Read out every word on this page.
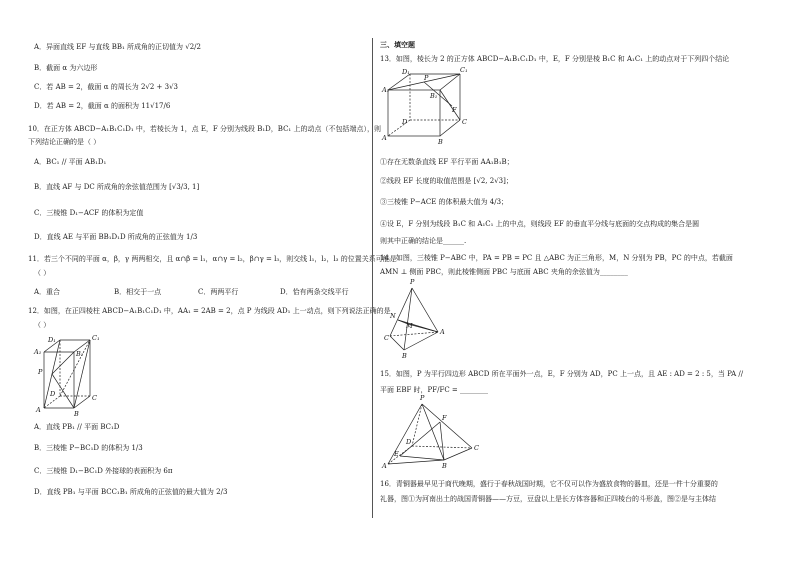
A．异面直线 EF 与直线 BB₁ 所成角的正切值为 √2/2
B．截面 α 为六边形
C．若 AB = 2，截面 α 的周长为 2√2 + 3√3
D．若 AB = 2，截面 α 的面积为 11√17/6
10．在正方体 ABCD−A₁B₁C₁D₁ 中，若棱长为 1，点 E，F 分别为线段 B₁D，BC₁ 上的动点（不包括端点），则
下列结论正确的是（ ）
A．BC₁ // 平面 AB₁D₁
B．直线 AF 与 DC 所成角的余弦值范围为 [√3/3, 1]
C．三棱锥 D₁−ACF 的体积为定值
D．直线 AE 与平面 BB₁D₁D 所成角的正弦值为 1/3
11．若三个不同的平面 α，β，γ 两两相交，且 α∩β = l₁，α∩γ = l₂，β∩γ = l₃，则交线 l₁，l₂，l₃ 的位置关系可能是
（ ）
A．重合	B．相交于一点	C．两两平行	D．恰有两条交线平行
12．如图，在正四棱柱 ABCD−A₁B₁C₁D₁ 中，AA₁ = 2AB = 2，点 P 为线段 AD₁ 上一动点，则下列说法正确的是
（ ）
C₁
D₁
A₁	B₁
P
D	C
A	B
A．直线 PB₁ // 平面 BC₁D
B．三棱锥 P−BC₁D 的体积为 1/3
C．三棱锥 D₁−BC₁D 外接球的表面积为 6π
D．直线 PB₁ 与平面 BCC₁B₁ 所成角的正弦值的最大值为 2/3
三、填空题
13．如图，棱长为 2 的正方体 ABCD−A₁B₁C₁D₁ 中，E，F 分别是棱 B₁C 和 A₁C₁ 上的动点对于下列四个结论
D₁	C₁
A₁
P
B₁
F
D	C
A	B
①存在无数条直线 EF 平行平面 AA₁B₁B；
②线段 EF 长度的取值范围是 [√2, 2√3]；
③三棱锥 P−ACE 的体积最大值为 4/3；
④设 E，F 分别为线段 B₁C 和 A₁C₁ 上的中点，则线段 EF 的垂直平分线与底面的交点构成的集合是圆
则其中正确的结论是______.
14．如图，三棱锥 P−ABC 中，PA = PB = PC 且 △ABC 为正三角形，M，N 分别为 PB，PC 的中点，若截面
AMN ⊥ 侧面 PBC，则此棱锥侧面 PBC 与底面 ABC 夹角的余弦值为________
P
N
M
C
A
B
15．如图，P 为平行四边形 ABCD 所在平面外一点，E，F 分别为 AD，PC 上一点，且 AE : AD = 2 : 5，当 PA //
平面 EBF 时，PF/FC = ________
P
F
D
C
E
A	B
16．青铜器最早见于商代晚期，盛行于春秋战国时期，它不仅可以作为盛放食物的器皿，还是一件十分重要的
礼器，图①为河南出土的战国青铜器——方豆，豆盘以上是长方体容器和正四棱台的斗形盖，图②是与主体结
